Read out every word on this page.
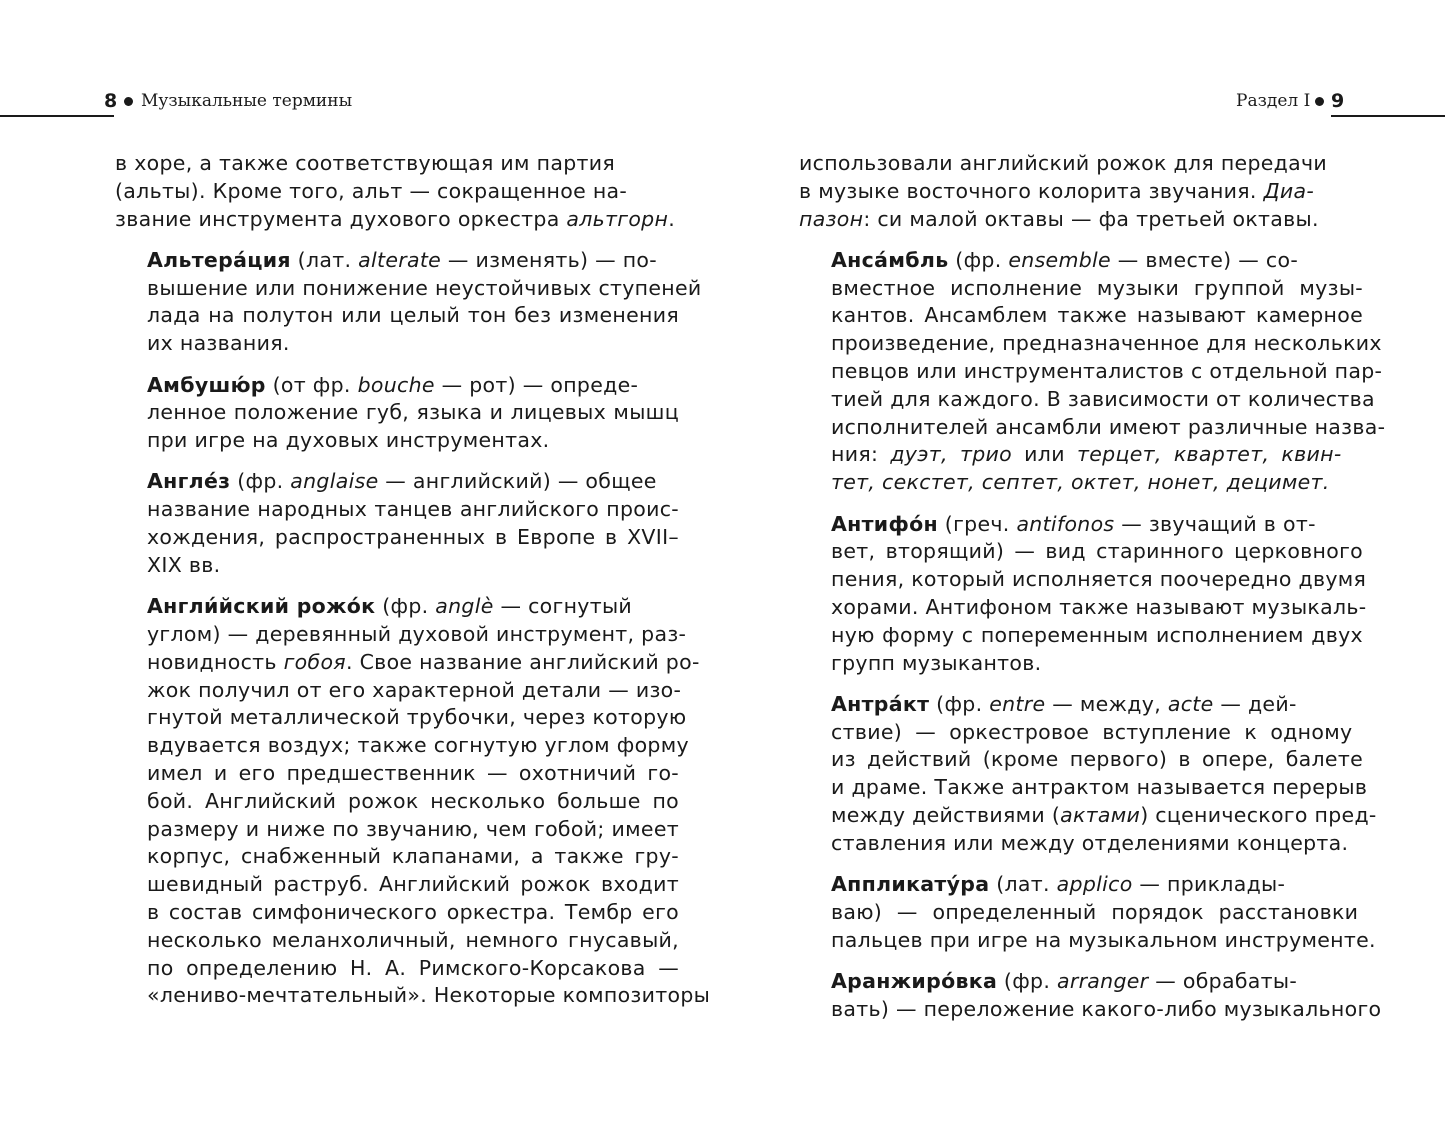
8 Музыкальные термины	Раздел I 9
в хоре, а также соответствующая им партия
(альты). Кроме того, альт — сокращенное на-
звание инструмента духового оркестра альтгорн.
Альтера́ция (лат. alterate — изменять) — по-
вышение или понижение неустойчивых ступеней
лада на полутон или целый тон без изменения
их названия.
Амбушю́р (от фр. bouche — рот) — опреде-
ленное положение губ, языка и лицевых мышц
при игре на духовых инструментах.
Англе́з (фр. anglaise — английский) — общее
название народных танцев английского проис-
хождения, распространенных в Европе в XVII–
XIX вв.
Англи́йский рожо́к (фр. anglè — согнутый
углом) — деревянный духовой инструмент, раз-
новидность гобоя. Свое название английский ро-
жок получил от его характерной детали — изо-
гнутой металлической трубочки, через которую
вдувается воздух; также согнутую углом форму
имел и его предшественник — охотничий го-
бой. Английский рожок несколько больше по
размеру и ниже по звучанию, чем гобой; имеет
корпус, снабженный клапанами, а также гру-
шевидный раструб. Английский рожок входит
в состав симфонического оркестра. Тембр его
несколько меланхоличный, немного гнусавый,
по определению Н. А. Римского-Корсакова —
«лениво-мечтательный». Некоторые композиторы
использовали английский рожок для передачи
в музыке восточного колорита звучания. Диа-
пазон: си малой октавы — фа третьей октавы.
Анса́мбль (фр. ensemble — вместе) — со-
вместное исполнение музыки группой музы-
кантов. Ансамблем также называют камерное
произведение, предназначенное для нескольких
певцов или инструменталистов с отдельной пар-
тией для каждого. В зависимости от количества
исполнителей ансамбли имеют различные назва-
ния: дуэт, трио или терцет, квартет, квин-
тет, секстет, септет, октет, нонет, децимет.
Антифо́н (греч. antifonos — звучащий в от-
вет, вторящий) — вид старинного церковного
пения, который исполняется поочередно двумя
хорами. Антифоном также называют музыкаль-
ную форму с попеременным исполнением двух
групп музыкантов.
Антра́кт (фр. entre — между, acte — дей-
ствие) — оркестровое вступление к одному
из действий (кроме первого) в опере, балете
и драме. Также антрактом называется перерыв
между действиями (актами) сценического пред-
ставления или между отделениями концерта.
Аппликату́ра (лат. applico — приклады-
ваю) — определенный порядок расстановки
пальцев при игре на музыкальном инструменте.
Аранжиро́вка (фр. arranger — обрабаты-
вать) — переложение какого-либо музыкального
